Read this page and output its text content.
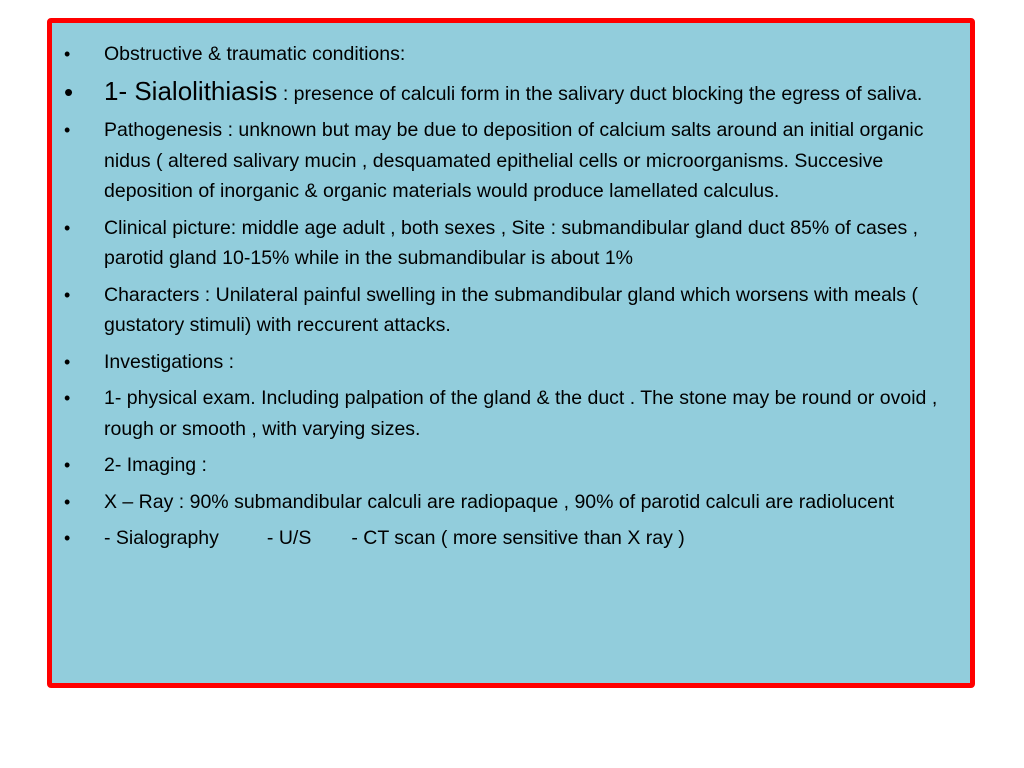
• Obstructive & traumatic conditions:
• 1- Sialolithiasis : presence of calculi form in the salivary duct blocking the egress of saliva.
• Pathogenesis : unknown but may be due to deposition of calcium salts around an initial organic nidus ( altered salivary mucin , desquamated epithelial cells or microorganisms. Succesive deposition of inorganic & organic materials would produce lamellated calculus.
• Clinical picture: middle age adult , both sexes , Site : submandibular gland duct 85% of cases , parotid gland 10-15% while in the submandibular is about 1%
• Characters : Unilateral painful swelling in the submandibular gland which worsens with meals ( gustatory stimuli) with reccurent attacks.
• Investigations :
• 1- physical exam. Including palpation of the gland & the duct . The stone may be round or ovoid , rough or smooth , with varying sizes.
• 2- Imaging :
• X – Ray : 90% submandibular calculi are radiopaque , 90% of parotid calculi are radiolucent
• - Sialography - U/S - CT scan ( more sensitive than X ray )
